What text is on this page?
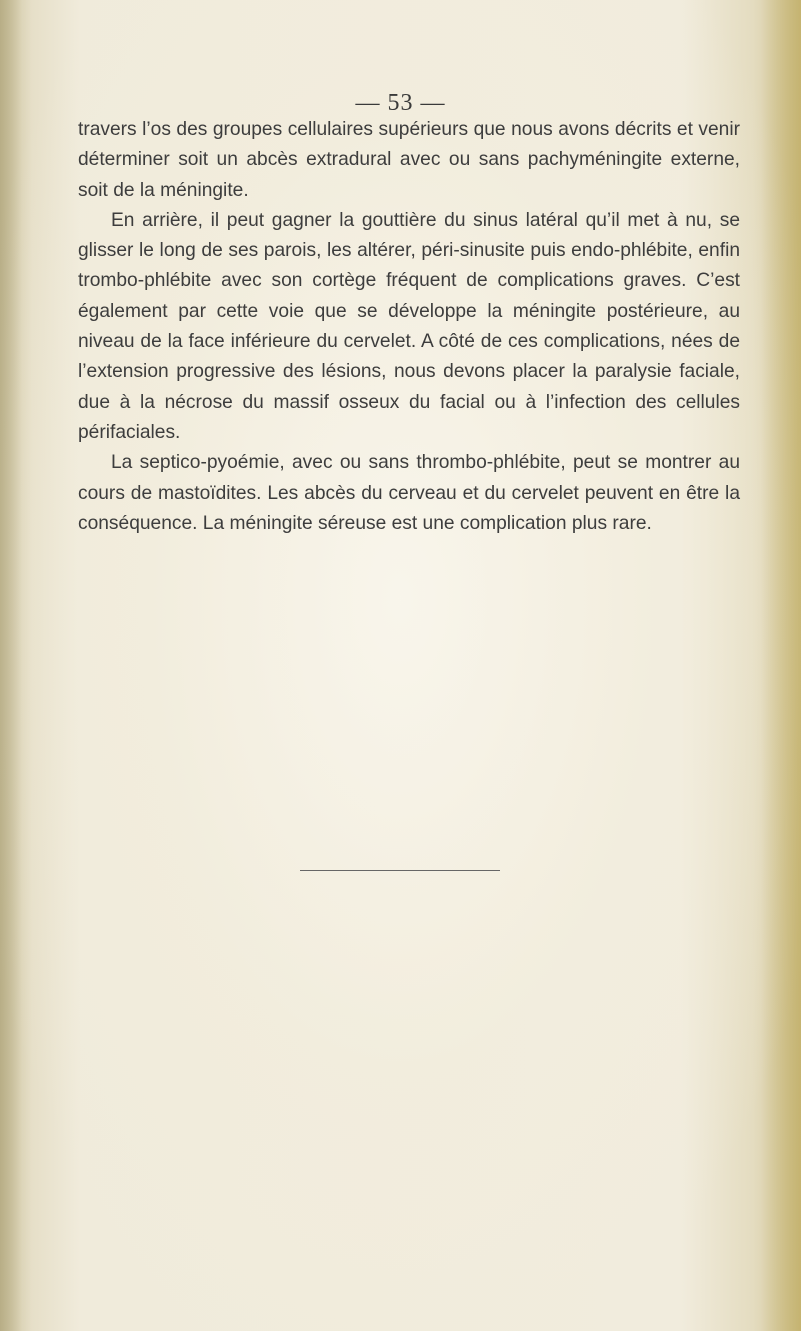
— 53 —

travers l’os des groupes cellulaires supérieurs que nous avons décrits et venir déterminer soit un abcès extradural avec ou sans pachyméningite externe, soit de la méningite.

En arrière, il peut gagner la gouttière du sinus latéral qu’il met à nu, se glisser le long de ses parois, les altérer, péri-sinusite puis endo-phlébite, enfin trombo-phlébite avec son cortège fréquent de complications graves. C’est également par cette voie que se développe la méningite postérieure, au niveau de la face inférieure du cervelet. A côté de ces complications, nées de l’extension progressive des lésions, nous devons placer la paralysie faciale, due à la nécrose du massif osseux du facial ou à l’infection des cellules périfaciales.

La septico-pyoémie, avec ou sans thrombo-phlébite, peut se montrer au cours de mastoïdites. Les abcès du cerveau et du cervelet peuvent en être la conséquence. La méningite séreuse est une complication plus rare.
